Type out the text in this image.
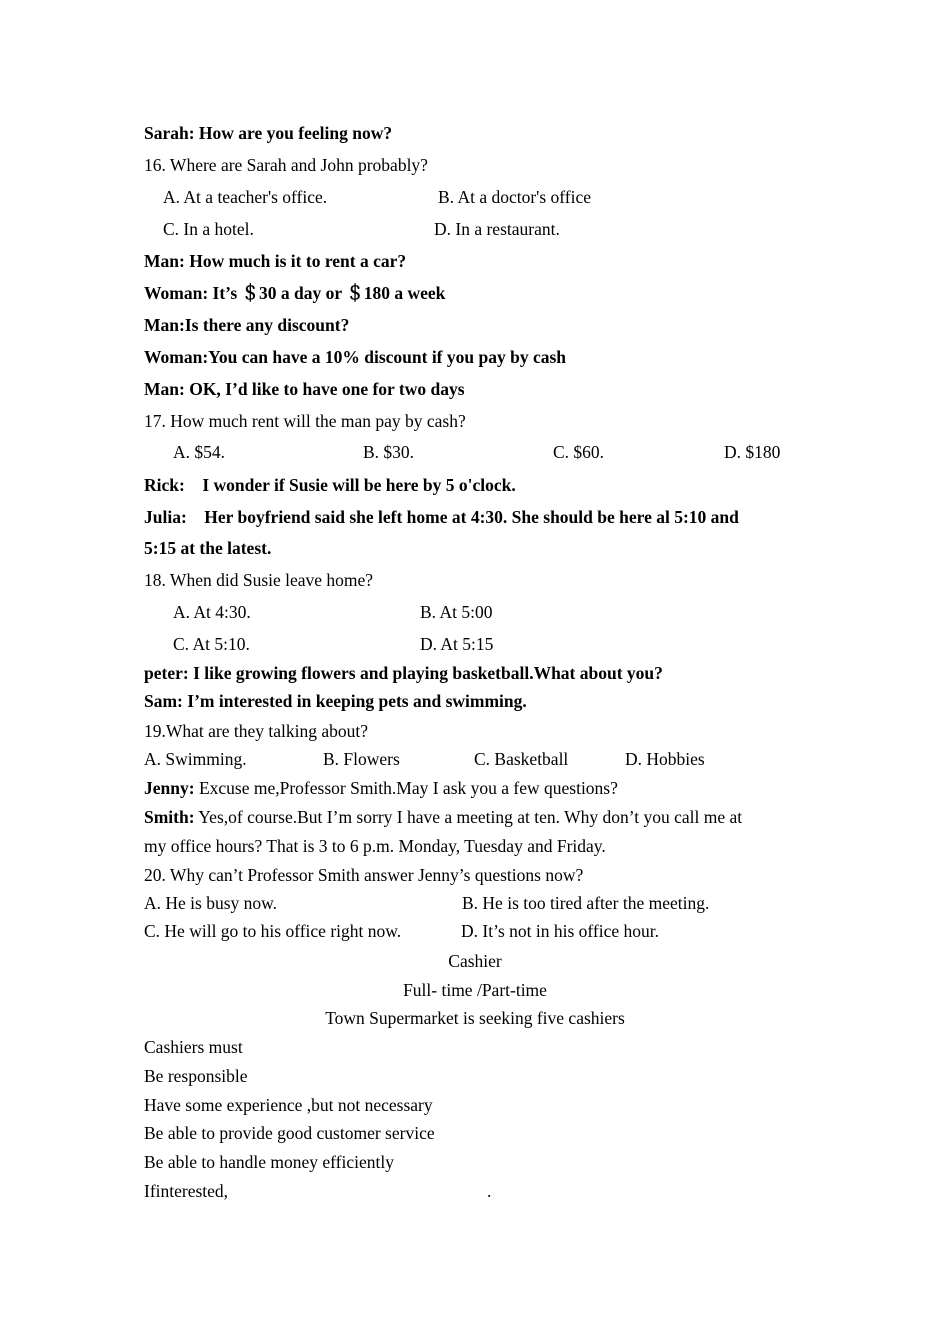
Sarah: How are you feeling now?
16. Where are Sarah and John probably?
A. At a teacher's office.	B. At a doctor's office
C. In a hotel.	D. In a restaurant.
Man: How much is it to rent a car?
Woman: It’s ＄30 a day or ＄180 a week
Man:Is there any discount?
Woman:You can have a 10% discount if you pay by cash
Man: OK, I’d like to have one for two days
17. How much rent will the man pay by cash?
A. $54.	B. $30.	C. $60.	D. $180
Rick:    I wonder if Susie will be here by 5 o'clock.
Julia:    Her boyfriend said she left home at 4:30. She should be here al 5:10 and
5:15 at the latest.
18. When did Susie leave home?
A. At 4:30.	B. At 5:00
C. At 5:10.	D. At 5:15
peter: I like growing flowers and playing basketball.What about you?
Sam: I’m interested in keeping pets and swimming.
19.What are they talking about?
A. Swimming.	B. Flowers	C. Basketball	D. Hobbies
Jenny: Excuse me,Professor Smith.May I ask you a few questions?
Smith: Yes,of course.But I’m sorry I have a meeting at ten. Why don’t you call me at
my office hours? That is 3 to 6 p.m. Monday, Tuesday and Friday.
20. Why can’t Professor Smith answer Jenny’s questions now?
A. He is busy now.	B. He is too tired after the meeting.
C. He will go to his office right now.	D. It’s not in his office hour.
Cashier
Full- time /Part-time
Town Supermarket is seeking five cashiers
Cashiers must
Be responsible
Have some experience ,but not necessary
Be able to provide good customer service
Be able to handle money efficiently
Ifinterested,	.
